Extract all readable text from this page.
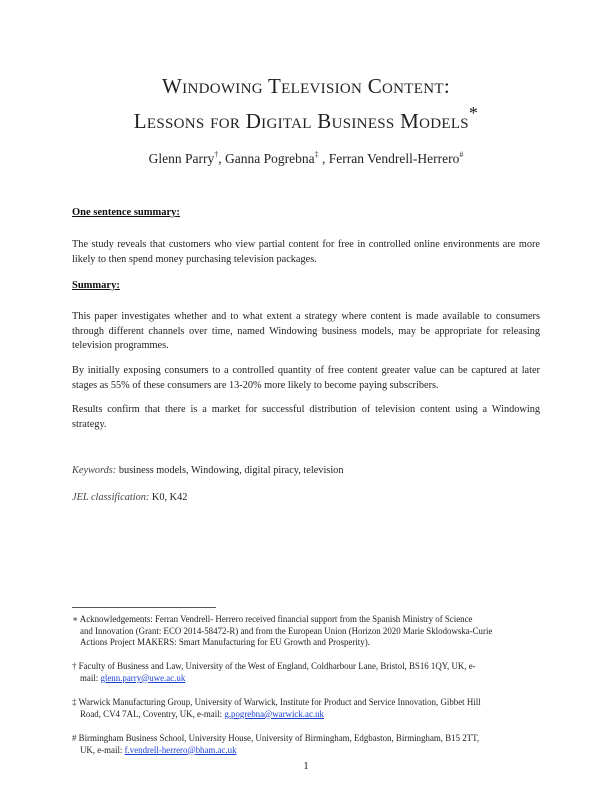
Windowing Television Content:
Lessons for Digital Business Models*
Glenn Parry†, Ganna Pogrebna‡ , Ferran Vendrell-Herrero#
One sentence summary:
The study reveals that customers who view partial content for free in controlled online environments are more likely to then spend money purchasing television packages.
Summary:
This paper investigates whether and to what extent a strategy where content is made available to consumers through different channels over time, named Windowing business models, may be appropriate for releasing television programmes.
By initially exposing consumers to a controlled quantity of free content greater value can be captured at later stages as 55% of these consumers are 13-20% more likely to become paying subscribers.
Results confirm that there is a market for successful distribution of television content using a Windowing strategy.
Keywords: business models, Windowing, digital piracy, television
JEL classification: K0, K42
∗ Acknowledgements: Ferran Vendrell- Herrero received financial support from the Spanish Ministry of Science
and Innovation (Grant: ECO 2014-58472-R) and from the European Union (Horizon 2020 Marie Sklodowska-Curie
Actions Project MAKERS: Smart Manufacturing for EU Growth and Prosperity).
† Faculty of Business and Law, University of the West of England, Coldharbour Lane, Bristol, BS16 1QY, UK, e-
mail: glenn.parry@uwe.ac.uk
‡ Warwick Manufacturing Group, University of Warwick, Institute for Product and Service Innovation, Gibbet Hill
Road, CV4 7AL, Coventry, UK, e-mail: g.pogrebna@warwick.ac.uk
# Birmingham Business School, University House, University of Birmingham, Edgbaston, Birmingham, B15 2TT,
UK, e-mail: f.vendrell-herrero@bham.ac.uk
1
